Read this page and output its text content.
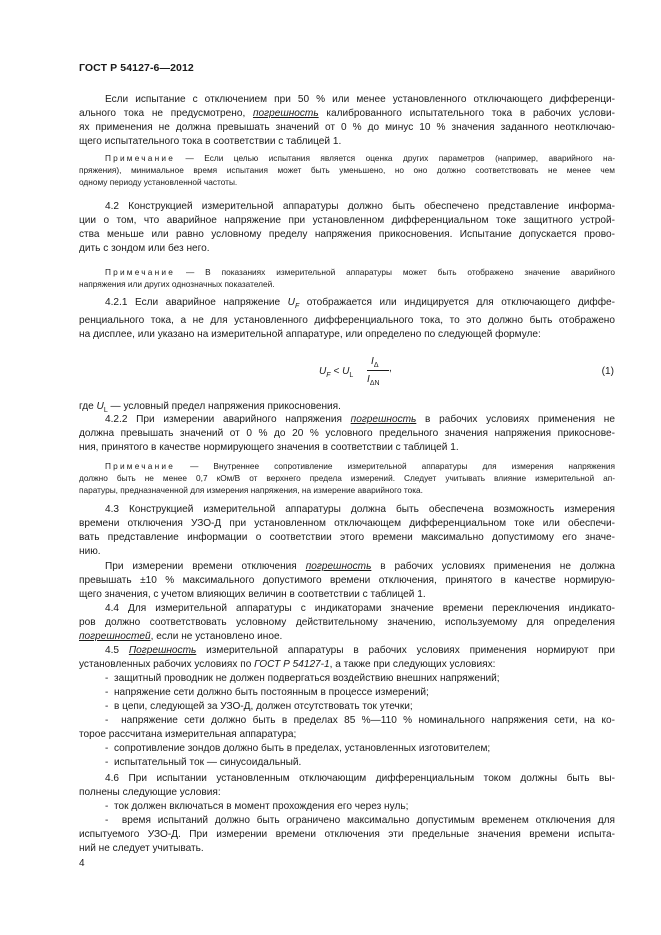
ГОСТ Р 54127-6—2012
Если испытание с отключением при 50 % или менее установленного отключающего дифференци-
ального тока не предусмотрено, погрешность калиброванного испытательного тока в рабочих услови-
ях применения не должна превышать значений от 0 % до минус 10 % значения заданного неотключаю-
щего испытательного тока в соответствии с таблицей 1.
Примечание — Если целью испытания является оценка других параметров (например, аварийного на-
пряжения), минимальное время испытания может быть уменьшено, но оно должно соответствовать не менее чем
одному периоду установленной частоты.
4.2 Конструкцией измерительной аппаратуры должно быть обеспечено представление информа-
ции о том, что аварийное напряжение при установленном дифференциальном токе защитного устрой-
ства меньше или равно условному пределу напряжения прикосновения. Испытание допускается прово-
дить с зондом или без него.
Примечание — В показаниях измерительной аппаратуры может быть отображено значение аварийного
напряжения или других однозначных показателей.
4.2.1 Если аварийное напряжение $U_F$ отображается или индицируется для отключающего диффе-
ренциального тока, а не для установленного дифференциального тока, то это должно быть отображено
на дисплее, или указано на измерительной аппаратуре, или определено по следующей формуле:
$U_F < U_L$
$I_\Delta$
$I_{\Delta N}$
,	(1)
где $U_L$ — условный предел напряжения прикосновения.
4.2.2 При измерении аварийного напряжения погрешность в рабочих условиях применения не
должна превышать значений от 0 % до 20 % условного предельного значения напряжения прикоснове-
ния, принятого в качестве нормирующего значения в соответствии с таблицей 1.
Примечание — Внутреннее сопротивление измерительной аппаратуры для измерения напряжения
должно быть не менее 0,7 кОм/В от верхнего предела измерений. Следует учитывать влияние измерительной ап-
паратуры, предназначенной для измерения напряжения, на измерение аварийного тока.
4.3 Конструкцией измерительной аппаратуры должна быть обеспечена возможность измерения
времени отключения УЗО-Д при установленном отключающем дифференциальном токе или обеспечи-
вать представление информации о соответствии этого времени максимально допустимому его значе-
нию.
При измерении времени отключения погрешность в рабочих условиях применения не должна
превышать ±10 % максимального допустимого времени отключения, принятого в качестве нормирую-
щего значения, с учетом влияющих величин в соответствии с таблицей 1.
4.4 Для измерительной аппаратуры с индикаторами значение времени переключения индикато-
ров должно соответствовать условному действительному значению, используемому для определения
погрешностей, если не установлено иное.
4.5 Погрешность измерительной аппаратуры в рабочих условиях применения нормируют при
установленных рабочих условиях по ГОСТ Р 54127-1, а также при следующих условиях:
-  защитный проводник не должен подвергаться воздействию внешних напряжений;
-  напряжение сети должно быть постоянным в процессе измерений;
-  в цепи, следующей за УЗО-Д, должен отсутствовать ток утечки;
-  напряжение сети должно быть в пределах 85 %—110 % номинального напряжения сети, на ко-
торое рассчитана измерительная аппаратура;
-  сопротивление зондов должно быть в пределах, установленных изготовителем;
-  испытательный ток — синусоидальный.
4.6 При испытании установленным отключающим дифференциальным током должны быть вы-
полнены следующие условия:
-  ток должен включаться в момент прохождения его через нуль;
-  время испытаний должно быть ограничено максимально допустимым временем отключения для
испытуемого УЗО-Д. При измерении времени отключения эти предельные значения времени испыта-
ний не следует учитывать.
4
